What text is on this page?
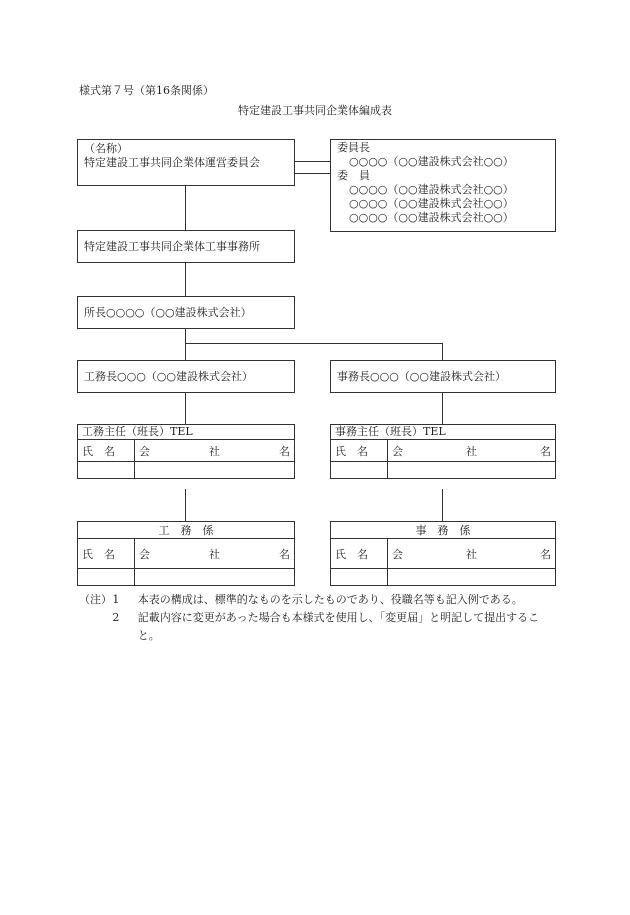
様式第７号（第16条関係）
特定建設工事共同企業体編成表
（名称）
特定建設工事共同企業体運営委員会
委員長
○○○○（○○建設株式会社○○）
委　員
○○○○（○○建設株式会社○○）
○○○○（○○建設株式会社○○）
○○○○（○○建設株式会社○○）
特定建設工事共同企業体工事事務所
所長○○○○（○○建設株式会社）
工務長○○○（○○建設株式会社）	事務長○○○（○○建設株式会社）
工務主任（班長）TEL	
氏　名	会 社 名

事務主任（班長）TEL	
氏　名	会 社 名

工　務　係	
氏　名	会 社 名

事　務　係	
氏　名	会 社 名

（注） 1	本表の構成は、標準的なものを示したものであり、役職名等も記入例である。
2	記載内容に変更があった場合も本様式を使用し、「変更届」と明記して提出すること。
